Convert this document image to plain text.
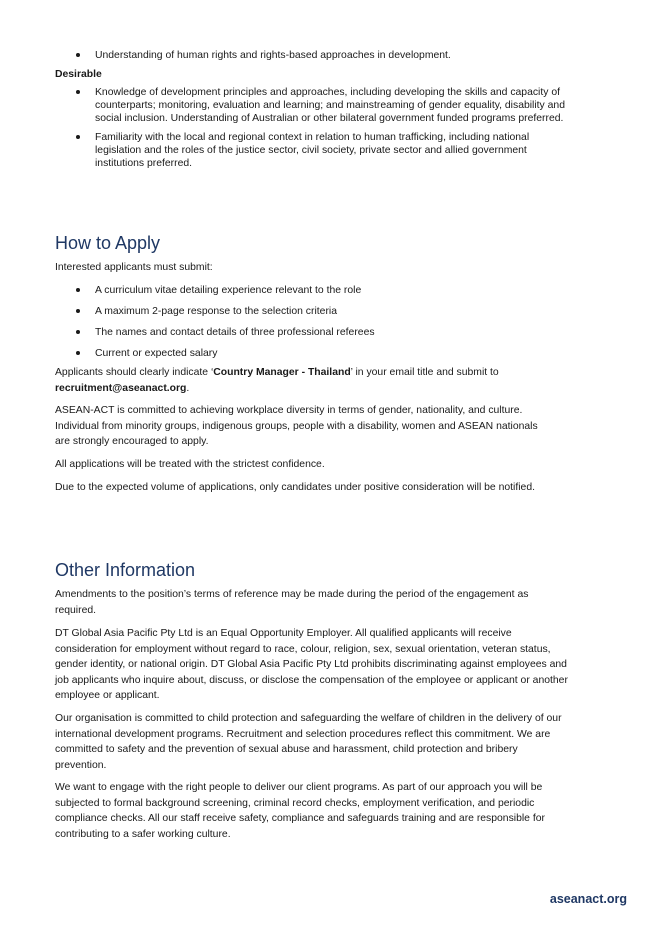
Understanding of human rights and rights-based approaches in development.
Desirable
Knowledge of development principles and approaches, including developing the skills and capacity of counterparts; monitoring, evaluation and learning; and mainstreaming of gender equality, disability and social inclusion. Understanding of Australian or other bilateral government funded programs preferred.
Familiarity with the local and regional context in relation to human trafficking, including national legislation and the roles of the justice sector, civil society, private sector and allied government institutions preferred.
How to Apply

Interested applicants must submit:

A curriculum vitae detailing experience relevant to the role
A maximum 2-page response to the selection criteria
The names and contact details of three professional referees
Current or expected salary

Applicants should clearly indicate ‘Country Manager - Thailand’ in your email title and submit to recruitment@aseanact.org.

ASEAN-ACT is committed to achieving workplace diversity in terms of gender, nationality, and culture. Individual from minority groups, indigenous groups, people with a disability, women and ASEAN nationals are strongly encouraged to apply.

All applications will be treated with the strictest confidence.

Due to the expected volume of applications, only candidates under positive consideration will be notified.

Other Information

Amendments to the position’s terms of reference may be made during the period of the engagement as required.

DT Global Asia Pacific Pty Ltd is an Equal Opportunity Employer. All qualified applicants will receive consideration for employment without regard to race, colour, religion, sex, sexual orientation, veteran status, gender identity, or national origin. DT Global Asia Pacific Pty Ltd prohibits discriminating against employees and job applicants who inquire about, discuss, or disclose the compensation of the employee or applicant or another employee or applicant.

Our organisation is committed to child protection and safeguarding the welfare of children in the delivery of our international development programs. Recruitment and selection procedures reflect this commitment. We are committed to safety and the prevention of sexual abuse and harassment, child protection and bribery prevention.

We want to engage with the right people to deliver our client programs. As part of our approach you will be subjected to formal background screening, criminal record checks, employment verification, and periodic compliance checks. All our staff receive safety, compliance and safeguards training and are responsible for contributing to a safer working culture.

aseanact.org
